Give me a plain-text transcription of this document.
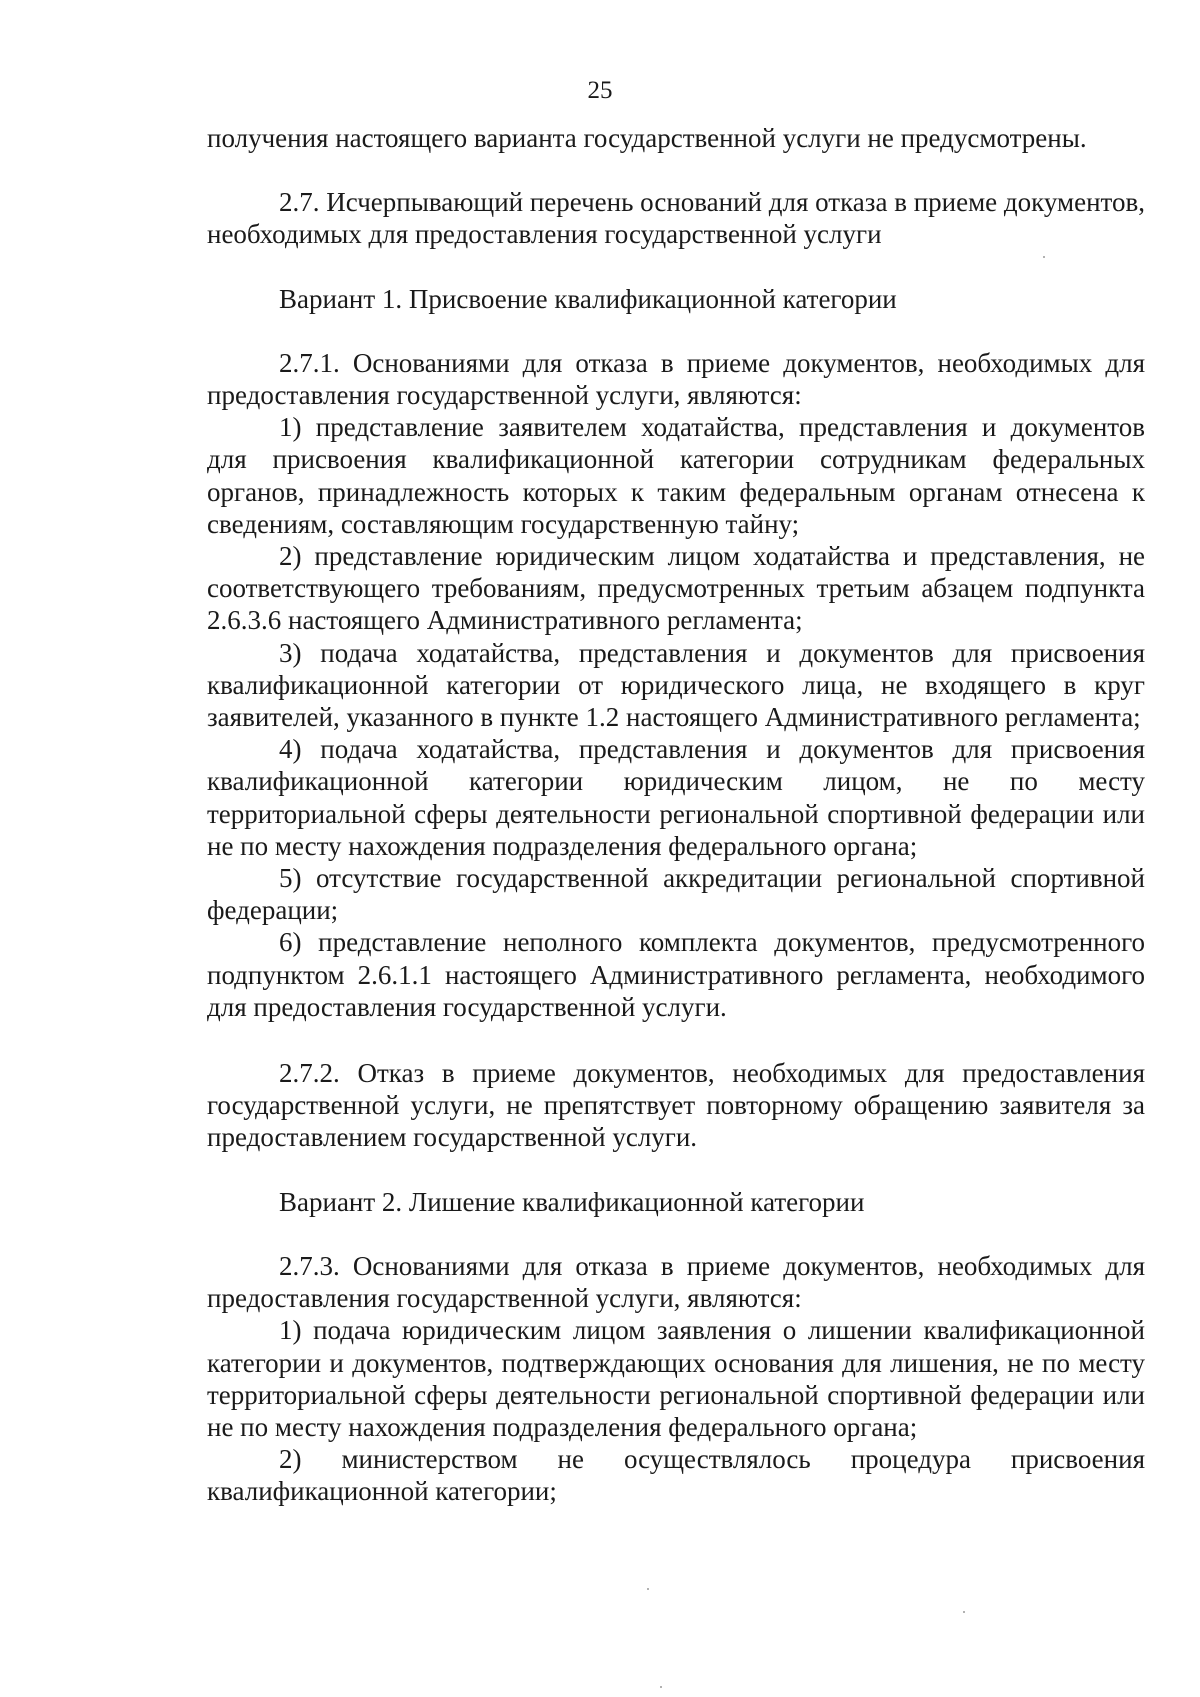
25

получения настоящего варианта государственной услуги не предусмотрены.

2.7. Исчерпывающий перечень оснований для отказа в приеме документов, необходимых для предоставления государственной услуги

Вариант 1. Присвоение квалификационной категории

2.7.1. Основаниями для отказа в приеме документов, необходимых для предоставления государственной услуги, являются:

1) представление заявителем ходатайства, представления и документов для присвоения квалификационной категории сотрудникам федеральных органов, принадлежность которых к таким федеральным органам отнесена к сведениям, составляющим государственную тайну;

2) представление юридическим лицом ходатайства и представления, не соответствующего требованиям, предусмотренных третьим абзацем подпункта 2.6.3.6 настоящего Административного регламента;

3) подача ходатайства, представления и документов для присвоения квалификационной категории от юридического лица, не входящего в круг заявителей, указанного в пункте 1.2 настоящего Административного регламента;

4) подача ходатайства, представления и документов для присвоения квалификационной категории юридическим лицом, не по месту территориальной сферы деятельности региональной спортивной федерации или не по месту нахождения подразделения федерального органа;

5) отсутствие государственной аккредитации региональной спортивной федерации;

6) представление неполного комплекта документов, предусмотренного подпунктом 2.6.1.1 настоящего Административного регламента, необходимого для предоставления государственной услуги.

2.7.2. Отказ в приеме документов, необходимых для предоставления государственной услуги, не препятствует повторному обращению заявителя за предоставлением государственной услуги.

Вариант 2. Лишение квалификационной категории

2.7.3. Основаниями для отказа в приеме документов, необходимых для предоставления государственной услуги, являются:

1) подача юридическим лицом заявления о лишении квалификационной категории и документов, подтверждающих основания для лишения, не по месту территориальной сферы деятельности региональной спортивной федерации или не по месту нахождения подразделения федерального органа;

2) министерством не осуществлялось процедура присвоения квалификационной категории;
